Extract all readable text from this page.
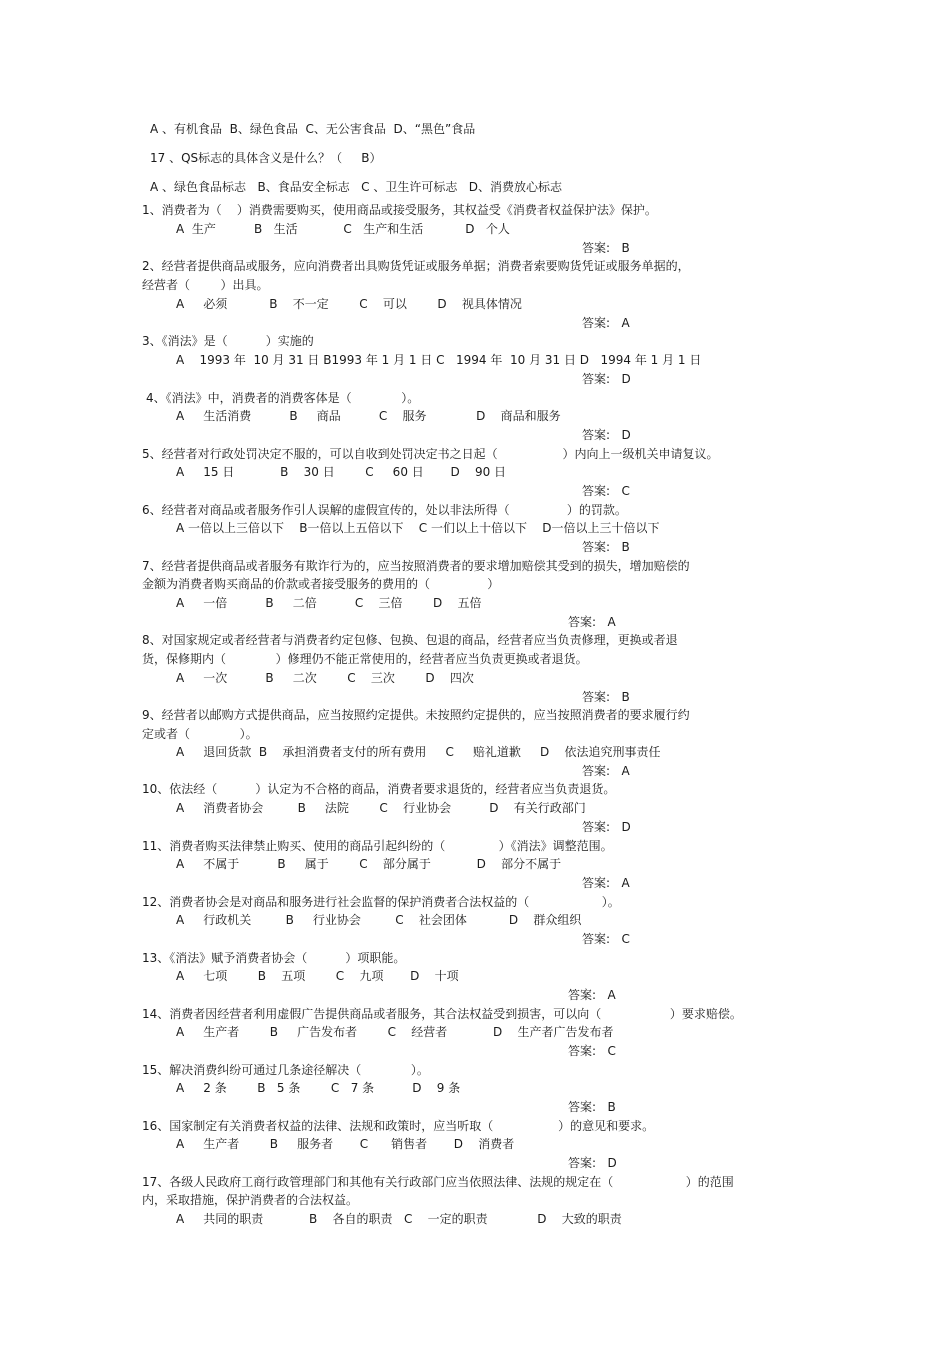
A 、有机食品  B、绿色食品  C、无公害食品  D、“黑色”食品
17 、QS标志的具体含义是什么？（     B）
A 、绿色食品标志   B、食品安全标志   C 、卫生许可标志   D、消费放心标志
1、消费者为（    ）消费需要购买，使用商品或接受服务，其权益受《消费者权益保护法》保护。
A  生产          B   生活            C   生产和生活           D   个人
答案:   B
2、经营者提供商品或服务，应向消费者出具购货凭证或服务单据；消费者索要购货凭证或服务单据的，
经营者（        ）出具。
A     必须           B    不一定        C    可以        D    视具体情况
答案:   A
3、《消法》是（          ）实施的
A    1993 年  10 月 31 日 B1993 年 1 月 1 日 C   1994 年  10 月 31 日 D   1994 年 1 月 1 日
答案:   D
4、《消法》中，消费者的消费客体是（             ）。
A     生活消费          B     商品          C    服务             D    商品和服务
答案:   D
5、经营者对行政处罚决定不服的，可以自收到处罚决定书之日起（                 ）内向上一级机关申请复议。
A     15 日            B    30 日        C     60 日       D    90 日
答案:   C
6、经营者对商品或者服务作引人误解的虚假宣传的，处以非法所得（               ）的罚款。
A 一倍以上三倍以下    B一倍以上五倍以下    C 一们以上十倍以下    D一倍以上三十倍以下
答案:   B
7、经营者提供商品或者服务有欺诈行为的，应当按照消费者的要求增加赔偿其受到的损失，增加赔偿的
金额为消费者购买商品的价款或者接受服务的费用的（               ）
A     一倍          B     二倍          C    三倍        D    五倍
答案:   A
8、对国家规定或者经营者与消费者约定包修、包换、包退的商品，经营者应当负责修理，更换或者退
货，保修期内（             ）修理仍不能正常使用的，经营者应当负责更换或者退货。
A     一次          B     二次        C    三次        D    四次
答案:   B
9、经营者以邮购方式提供商品，应当按照约定提供。未按照约定提供的，应当按照消费者的要求履行约
定或者（             ）。
A     退回货款  B    承担消费者支付的所有费用     C     赔礼道歉     D    依法追究刑事责任
答案:   A
10、依法经（          ）认定为不合格的商品，消费者要求退货的，经营者应当负责退货。
A     消费者协会         B     法院        C    行业协会          D    有关行政部门
答案:   D
11、消费者购买法律禁止购买、使用的商品引起纠纷的（              ）《消法》调整范围。
A     不属于          B     属于        C    部分属于            D    部分不属于
答案:   A
12、消费者协会是对商品和服务进行社会监督的保护消费者合法权益的（                   ）。
A     行政机关         B     行业协会         C    社会团体           D    群众组织
答案:   C
13、《消法》赋予消费者协会（          ）项职能。
A     七项        B    五项        C    九项       D    十项
答案:   A
14、消费者因经营者利用虚假广告提供商品或者服务，其合法权益受到损害，可以向（                  ）要求赔偿。
A     生产者        B     广告发布者        C    经营者            D    生产者广告发布者
答案:   C
15、解决消费纠纷可通过几条途径解决（             ）。
A     2 条        B   5 条        C   7 条          D    9 条
答案:   B
16、国家制定有关消费者权益的法律、法规和政策时，应当听取（                 ）的意见和要求。
A     生产者        B     服务者       C      销售者       D    消费者
答案:   D
17、各级人民政府工商行政管理部门和其他有关行政部门应当依照法律、法规的规定在（                   ）的范围
内，采取措施，保护消费者的合法权益。
A     共同的职责            B    各自的职责   C    一定的职责             D    大致的职责
